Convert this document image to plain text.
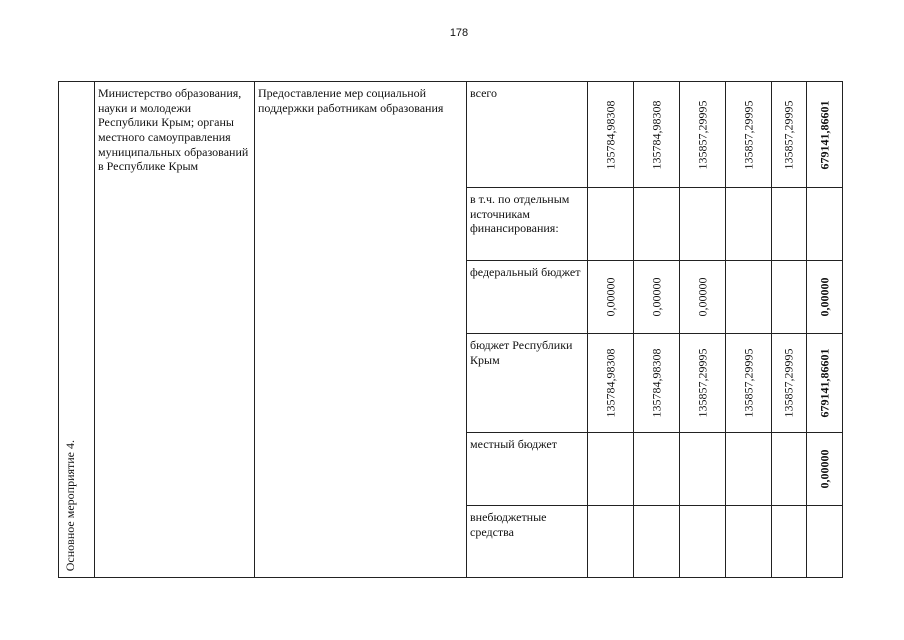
178
Основное мероприятие 4.	Министерство образования, науки и молодежи Республики Крым; органы местного самоуправления муниципальных образований в Республике Крым	Предоставление мер социальной поддержки работникам образования	всего	135784,98308	135784,98308	135857,29995	135857,29995	135857,29995	679141,86601

			в т.ч. по отдельным источникам финансирования:	

			федеральный бюджет	0,00000	0,00000	0,00000			0,00000

			бюджет Республики Крым	135784,98308	135784,98308	135857,29995	135857,29995	135857,29995	679141,86601

			местный бюджет						0,00000

			внебюджетные средства	
